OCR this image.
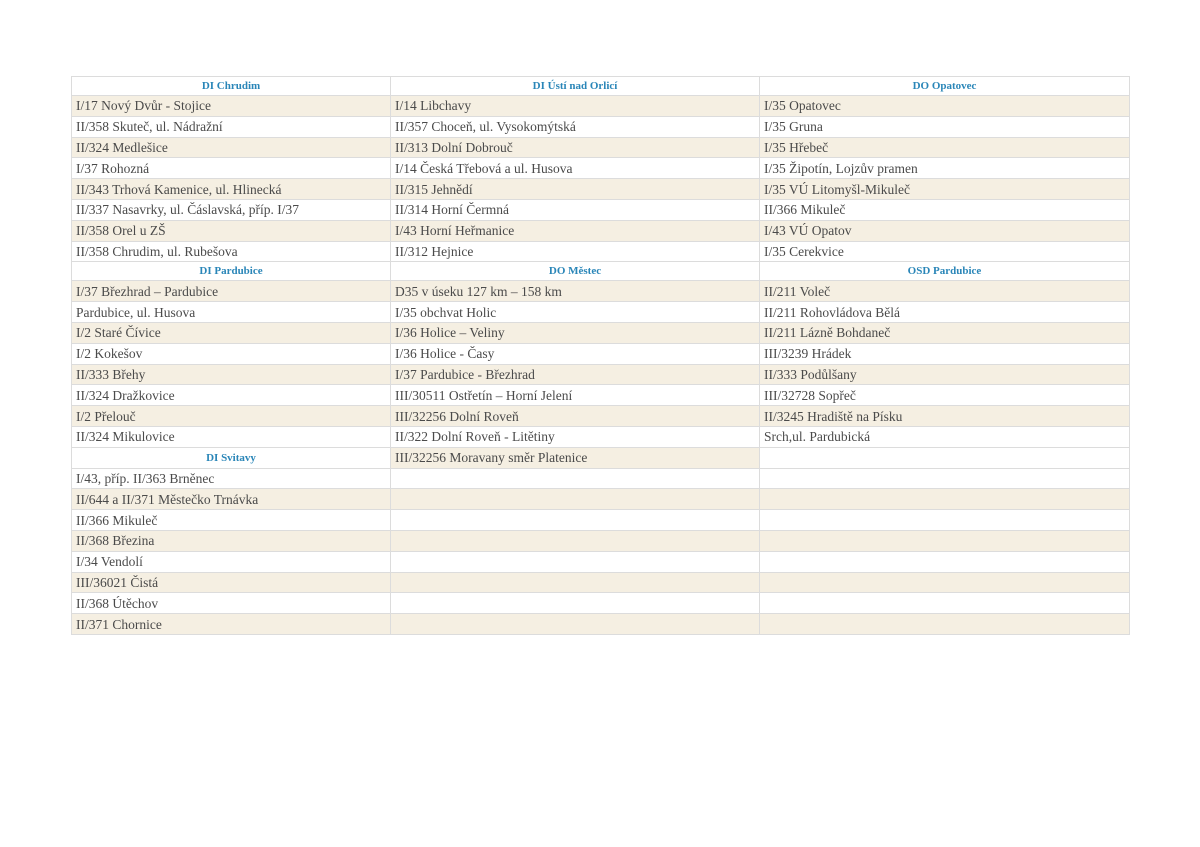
DI Chrudim	DI Ústí nad Orlicí	DO Opatovec
I/17 Nový Dvůr - Stojice	I/14 Libchavy	I/35 Opatovec
II/358 Skuteč, ul. Nádražní	II/357 Choceň, ul. Vysokomýtská	I/35 Gruna
II/324 Medlešice	II/313 Dolní Dobrouč	I/35 Hřebeč
I/37 Rohozná	I/14 Česká Třebová a ul. Husova	I/35 Žipotín, Lojzův pramen
II/343 Trhová Kamenice, ul. Hlinecká	II/315 Jehnědí	I/35 VÚ Litomyšl-Mikuleč
II/337 Nasavrky, ul. Čáslavská, příp. I/37	II/314 Horní Čermná	II/366 Mikuleč
II/358 Orel u ZŠ	I/43 Horní Heřmanice	I/43 VÚ Opatov
II/358 Chrudim, ul. Rubešova	II/312 Hejnice	I/35 Cerekvice
DI Pardubice	DO Městec	OSD Pardubice
I/37 Březhrad – Pardubice	D35 v úseku 127 km – 158 km	II/211 Voleč
Pardubice, ul. Husova	I/35 obchvat Holic	II/211 Rohovládova Bělá
I/2 Staré Čívice	I/36 Holice – Veliny	II/211 Lázně Bohdaneč
I/2 Kokešov	I/36 Holice - Časy	III/3239 Hrádek
II/333 Břehy	I/37 Pardubice - Březhrad	II/333 Podůlšany
II/324 Dražkovice	III/30511 Ostřetín – Horní Jelení	III/32728 Sopřeč
I/2 Přelouč	III/32256 Dolní Roveň	II/3245 Hradiště na Písku
II/324 Mikulovice	II/322 Dolní Roveň - Litětiny	Srch,ul. Pardubická
DI Svitavy	III/32256 Moravany směr Platenice	
I/43, příp. II/363 Brněnec		
II/644 a II/371 Městečko Trnávka		
II/366 Mikuleč		
II/368 Březina		
I/34 Vendolí		
III/36021 Čistá		
II/368 Útěchov		
II/371 Chornice		
